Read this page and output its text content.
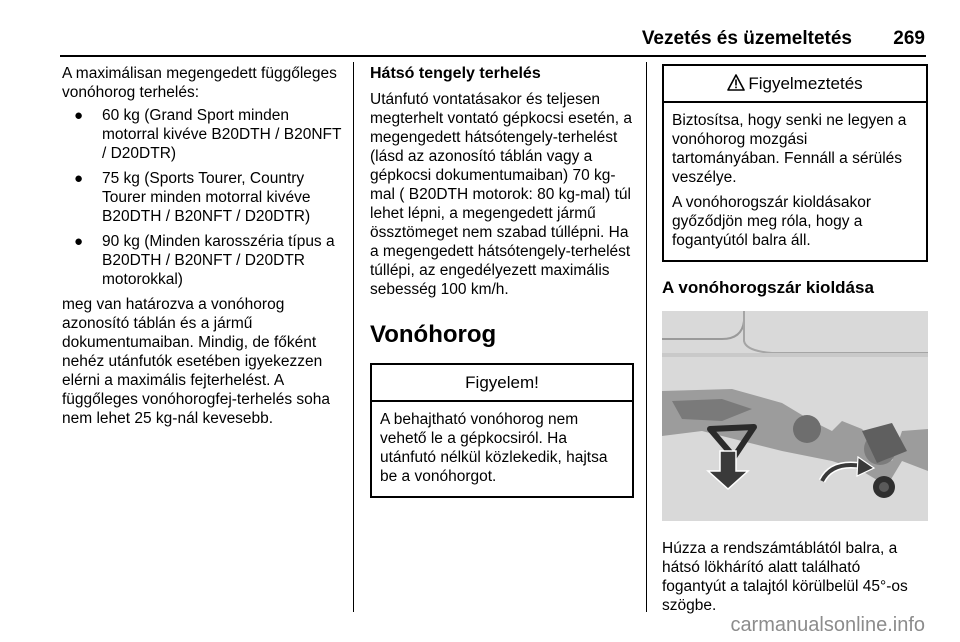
Vezetés és üzemeltetés	269

A maximálisan megengedett függőleges vonóhorog terhelés:

● 60 kg (Grand Sport minden motorral kivéve B20DTH / B20NFT / D20DTR)
● 75 kg (Sports Tourer, Country Tourer minden motorral kivéve B20DTH / B20NFT / D20DTR)
● 90 kg (Minden karosszéria típus a B20DTH / B20NFT / D20DTR motorokkal)

meg van határozva a vonóhorog azonosító táblán és a jármű dokumentumaiban. Mindig, de főként nehéz utánfutók esetében igyekezzen elérni a maximális fejterhelést. A függőleges vonóhorogfej-terhelés soha nem lehet 25 kg-nál kevesebb.

Hátsó tengely terhelés

Utánfutó vontatásakor és teljesen megterhelt vontató gépkocsi esetén, a megengedett hátsótengely-terhelést (lásd az azonosító táblán vagy a gépkocsi dokumentumaiban) 70 kg-mal ( B20DTH motorok: 80 kg-mal) túl lehet lépni, a megengedett jármű össztömeget nem szabad túllépni. Ha a megengedett hátsótengely-terhelést túllépi, az engedélyezett maximális sebesség 100 km/h.

Vonóhorog
Figyelem!

A behajtható vonóhorog nem vehető le a gépkocsiról. Ha utánfutó nélkül közlekedik, hajtsa be a vonóhorgot.

Figyelmeztetés

Biztosítsa, hogy senki ne legyen a vonóhorog mozgási tartományában. Fennáll a sérülés veszélye.

A vonóhorogszár kioldásakor győződjön meg róla, hogy a fogantyútól balra áll.

A vonóhorogszár kioldása

Húzza a rendszámtáblától balra, a hátsó lökhárító alatt található fogantyút a talajtól körülbelül 45°-os szögbe.

carmanualsonline.info
